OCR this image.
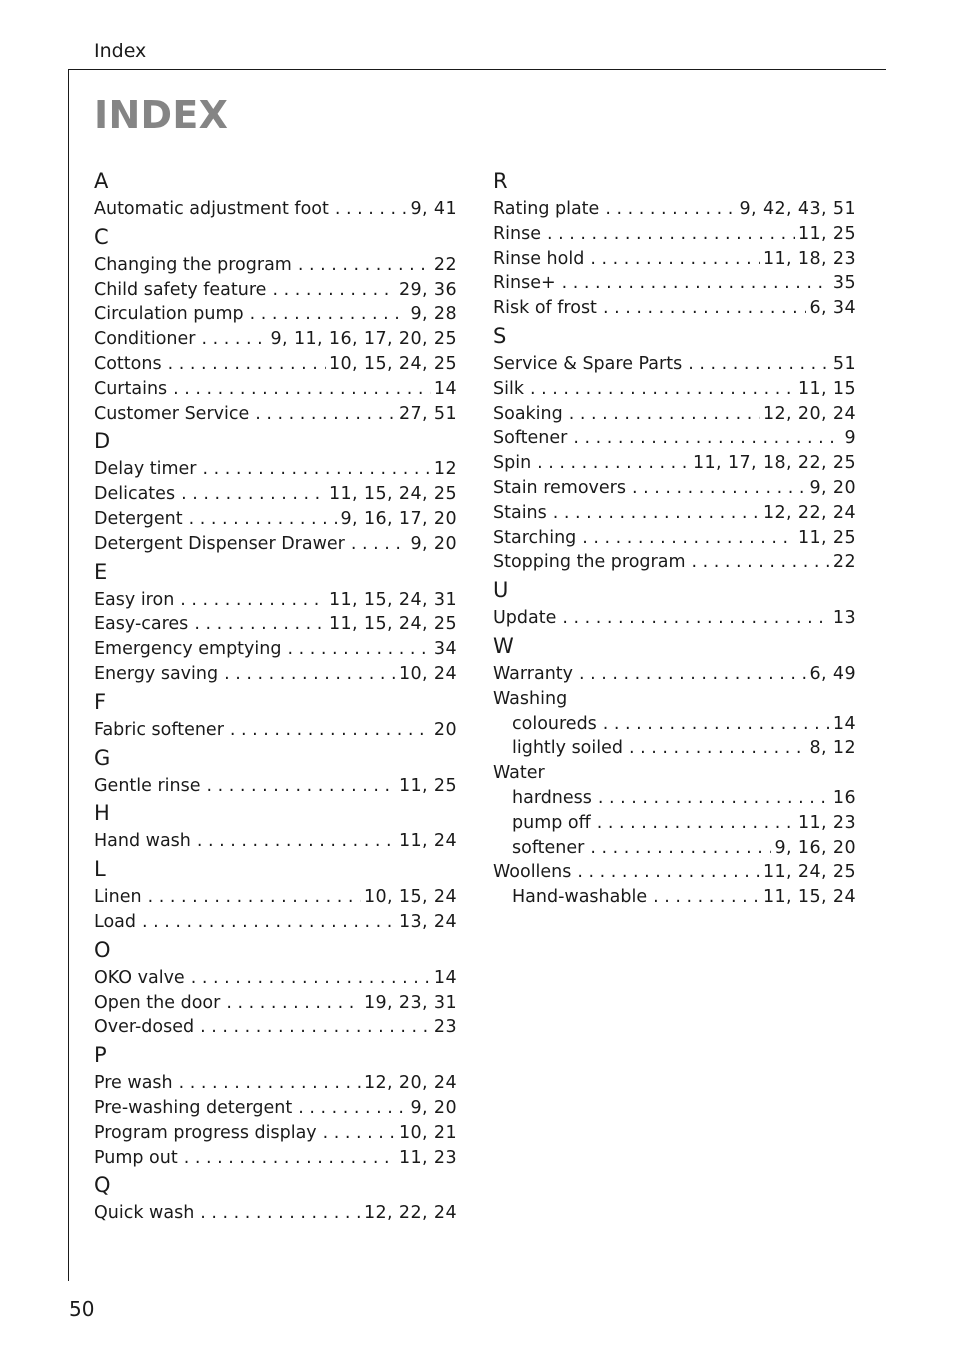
Index
INDEX
A
Automatic adjustment foot . . .	9, 41
C
Changing the program . . .	22
Child safety feature . . .	29, 36
Circulation pump . . .	9, 28
Conditioner . . .	9, 11, 16, 17, 20, 25
Cottons . . .	10, 15, 24, 25
Curtains . . .	14
Customer Service . . .	27, 51
D
Delay timer . . .	12
Delicates . . .	11, 15, 24, 25
Detergent . . .	9, 16, 17, 20
Detergent Dispenser Drawer . . .	9, 20
E
Easy iron . . .	11, 15, 24, 31
Easy-cares . . .	11, 15, 24, 25
Emergency emptying . . .	34
Energy saving . . .	10, 24
F
Fabric softener . . .	20
G
Gentle rinse . . .	11, 25
H
Hand wash . . .	11, 24
L
Linen . . .	10, 15, 24
Load . . .	13, 24
O
OKO valve . . .	14
Open the door . . .	19, 23, 31
Over-dosed . . .	23
P
Pre wash . . .	12, 20, 24
Pre-washing detergent . . .	9, 20
Program progress display . . .	10, 21
Pump out . . .	11, 23
Q
Quick wash . . .	12, 22, 24
R
Rating plate . . .	9, 42, 43, 51
Rinse . . .	11, 25
Rinse hold . . .	11, 18, 23
Rinse+ . . .	35
Risk of frost . . .	6, 34
S
Service & Spare Parts . . .	51
Silk . . .	11, 15
Soaking . . .	12, 20, 24
Softener . . .	9
Spin . . .	11, 17, 18, 22, 25
Stain removers . . .	9, 20
Stains . . .	12, 22, 24
Starching . . .	11, 25
Stopping the program . . .	22
U
Update . . .	13
W
Warranty . . .	6, 49
Washing
coloureds . . .	14
lightly soiled . . .	8, 12
Water
hardness . . .	16
pump off . . .	11, 23
softener . . .	9, 16, 20
Woollens . . .	11, 24, 25
Hand-washable . . .	11, 15, 24
50
